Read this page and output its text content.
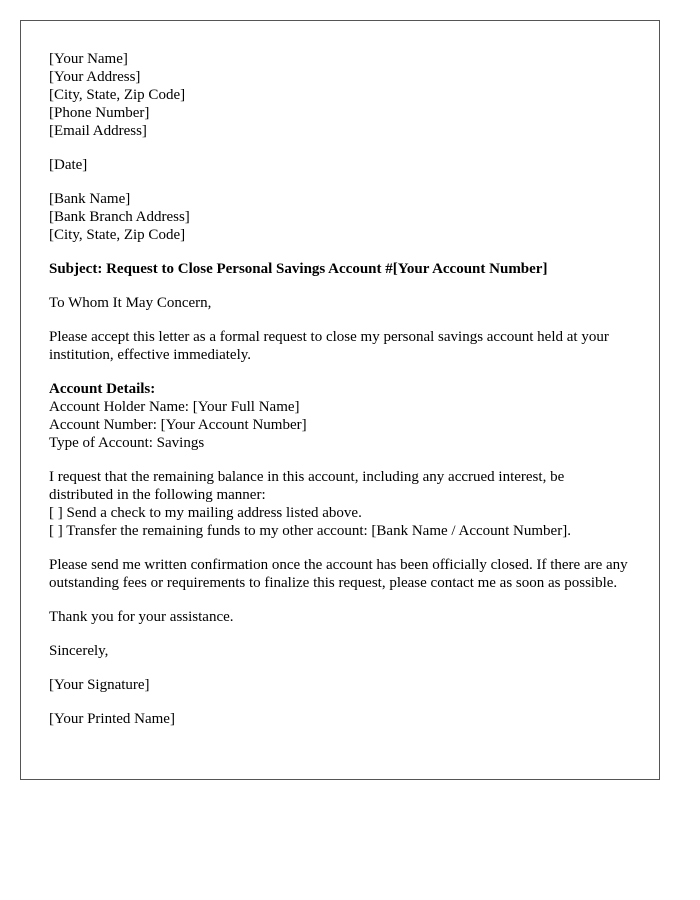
[Your Name]
[Your Address]
[City, State, Zip Code]
[Phone Number]
[Email Address]
[Date]
[Bank Name]
[Bank Branch Address]
[City, State, Zip Code]
Subject: Request to Close Personal Savings Account #[Your Account Number]
To Whom It May Concern,

Please accept this letter as a formal request to close my personal savings account held at your institution, effective immediately.

Account Details:
Account Holder Name: [Your Full Name]
Account Number: [Your Account Number]
Type of Account: Savings
I request that the remaining balance in this account, including any accrued interest, be
distributed in the following manner:
[ ] Send a check to my mailing address listed above.
[ ] Transfer the remaining funds to my other account: [Bank Name / Account Number].

Please send me written confirmation once the account has been officially closed. If there are any outstanding fees or requirements to finalize this request, please contact me as soon as possible.

Thank you for your assistance.
Sincerely,
[Your Signature]
[Your Printed Name]
